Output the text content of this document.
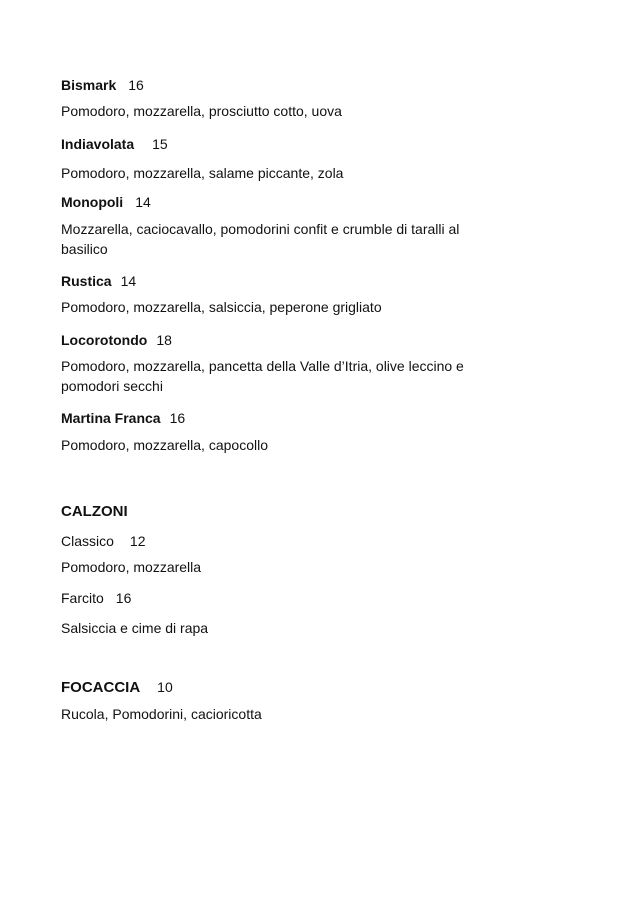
Bismark 16
Pomodoro, mozzarella, prosciutto cotto, uova
Indiavolata 15
Pomodoro, mozzarella, salame piccante, zola
Monopoli 14
Mozzarella, caciocavallo, pomodorini confit e crumble di taralli al basilico
Rustica 14
Pomodoro, mozzarella, salsiccia, peperone grigliato
Locorotondo 18
Pomodoro, mozzarella, pancetta della Valle d’Itria, olive leccino e pomodori secchi
Martina Franca 16
Pomodoro, mozzarella, capocollo
CALZONI
Classico 12
Pomodoro, mozzarella
Farcito 16
Salsiccia e cime di rapa
FOCACCIA 10
Rucola, Pomodorini, cacioricotta
